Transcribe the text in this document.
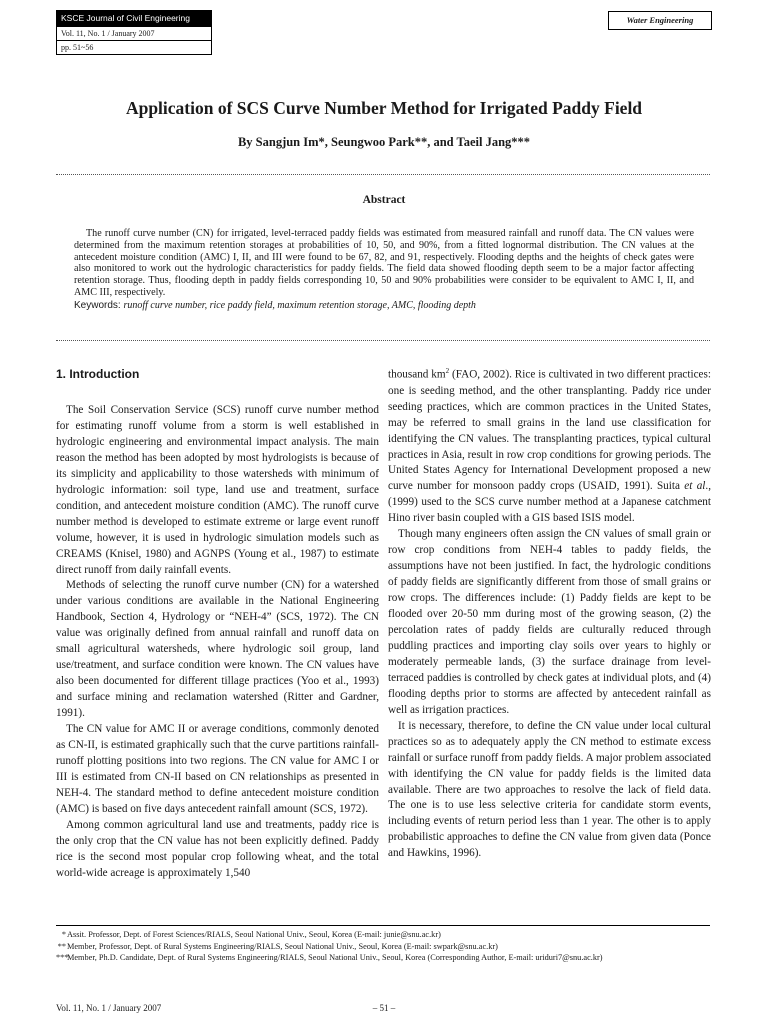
KSCE Journal of Civil Engineering
Vol. 11, No. 1 / January 2007
pp. 51~56
Water Engineering
Application of SCS Curve Number Method for Irrigated Paddy Field
By Sangjun Im*, Seungwoo Park**, and Taeil Jang***
Abstract

The runoff curve number (CN) for irrigated, level-terraced paddy fields was estimated from measured rainfall and runoff data. The CN values were determined from the maximum retention storages at probabilities of 10, 50, and 90%, from a fitted lognormal distribution. The CN values at the antecedent moisture condition (AMC) I, II, and III were found to be 67, 82, and 91, respectively. Flooding depths and the heights of check gates were also monitored to work out the hydrologic characteristics for paddy fields. The field data showed flooding depth seem to be a major factor affecting retention storage. Thus, flooding depth in paddy fields corresponding 10, 50 and 90% probabilities were consider to be equivalent to AMC I, II, and AMC III, respectively.

Keywords: runoff curve number, rice paddy field, maximum retention storage, AMC, flooding depth
1. Introduction

The Soil Conservation Service (SCS) runoff curve number method for estimating runoff volume from a storm is well established in hydrologic engineering and environmental impact analysis. The main reason the method has been adopted by most hydrologists is because of its simplicity and applicability to those watersheds with minimum of hydrologic information: soil type, land use and treatment, surface condition, and antecedent moisture condition (AMC). The runoff curve number method is developed to estimate extreme or large event runoff volume, however, it is used in hydrologic simulation models such as CREAMS (Knisel, 1980) and AGNPS (Young et al., 1987) to estimate direct runoff from daily rainfall events.

Methods of selecting the runoff curve number (CN) for a watershed under various conditions are available in the National Engineering Handbook, Section 4, Hydrology or “NEH-4” (SCS, 1972). The CN value was originally defined from annual rainfall and runoff data on small agricultural watersheds, where hydrologic soil group, land use/treatment, and surface condition were known. The CN values have also been documented for different tillage practices (Yoo et al., 1993) and surface mining and reclamation watershed (Ritter and Gardner, 1991).

The CN value for AMC II or average conditions, commonly denoted as CN-II, is estimated graphically such that the curve partitions rainfall-runoff plotting positions into two regions. The CN value for AMC I or III is estimated from CN-II based on CN relationships as presented in NEH-4. The standard method to define antecedent moisture condition (AMC) is based on five days antecedent rainfall amount (SCS, 1972).

Among common agricultural land use and treatments, paddy rice is the only crop that the CN value has not been explicitly defined. Paddy rice is the second most popular crop following wheat, and the total world-wide acreage is approximately 1,540

thousand $km^2$ (FAO, 2002). Rice is cultivated in two different practices: one is seeding method, and the other transplanting. Paddy rice under seeding practices, which are common practices in the United States, may be referred to small grains in the land use classification for identifying the CN values. The transplanting practices, typical cultural practices in Asia, result in row crop conditions for growing periods. The United States Agency for International Development proposed a new curve number for monsoon paddy crops (USAID, 1991). Suita et al., (1999) used to the SCS curve number method at a Japanese catchment Hino river basin coupled with a GIS based ISIS model.

Though many engineers often assign the CN values of small grain or row crop conditions from NEH-4 tables to paddy fields, the assumptions have not been justified. In fact, the hydrologic conditions of paddy fields are significantly different from those of small grains or row crops. The differences include: (1) Paddy fields are kept to be flooded over 20-50 mm during most of the growing season, (2) the percolation rates of paddy fields are culturally reduced through puddling practices and importing clay soils over years to highly or moderately permeable lands, (3) the surface drainage from level-terraced paddies is controlled by check gates at individual plots, and (4) flooding depths prior to storms are affected by antecedent rainfall as well as irrigation practices.

It is necessary, therefore, to define the CN value under local cultural practices so as to adequately apply the CN method to estimate excess rainfall or surface runoff from paddy fields. A major problem associated with identifying the CN value for paddy fields is the limited data available. There are two approaches to resolve the lack of field data. The one is to use less selective criteria for candidate storm events, including events of return period less than 1 year. The other is to apply probabilistic approaches to define the CN value from given data (Ponce and Hawkins, 1996).

* Assit. Professor, Dept. of Forest Sciences/RIALS, Seoul National Univ., Seoul, Korea (E-mail: junie@snu.ac.kr)
** Member, Professor, Dept. of Rural Systems Engineering/RIALS, Seoul National Univ., Seoul, Korea (E-mail: swpark@snu.ac.kr)
***
Member, Ph.D. Candidate, Dept. of Rural Systems Engineering/RIALS, Seoul National Univ., Seoul, Korea (Corresponding Author, E-mail: uriduri7@snu.ac.kr)
Vol. 11, No. 1 / January 2007	– 51 –
